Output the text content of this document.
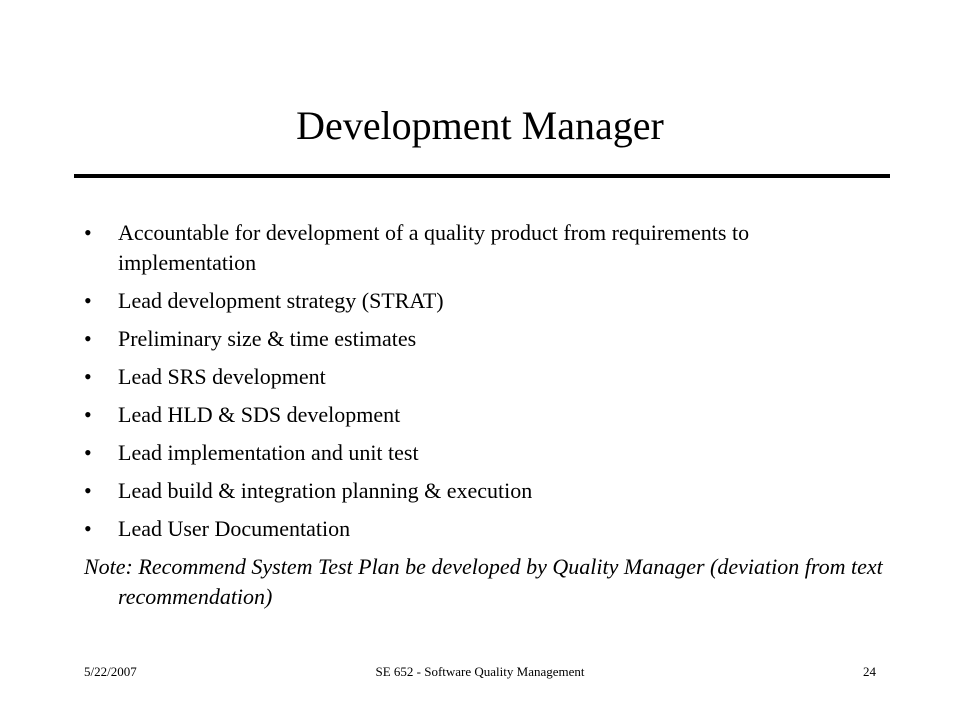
Development Manager
• Accountable for development of a quality product from requirements to implementation
• Lead development strategy (STRAT)
• Preliminary size & time estimates
• Lead SRS development
• Lead HLD & SDS development
• Lead implementation and unit test
• Lead build & integration planning & execution
• Lead User Documentation
Note: Recommend System Test Plan be developed by Quality Manager (deviation from text recommendation)
5/22/2007	SE 652 - Software Quality Management	24
